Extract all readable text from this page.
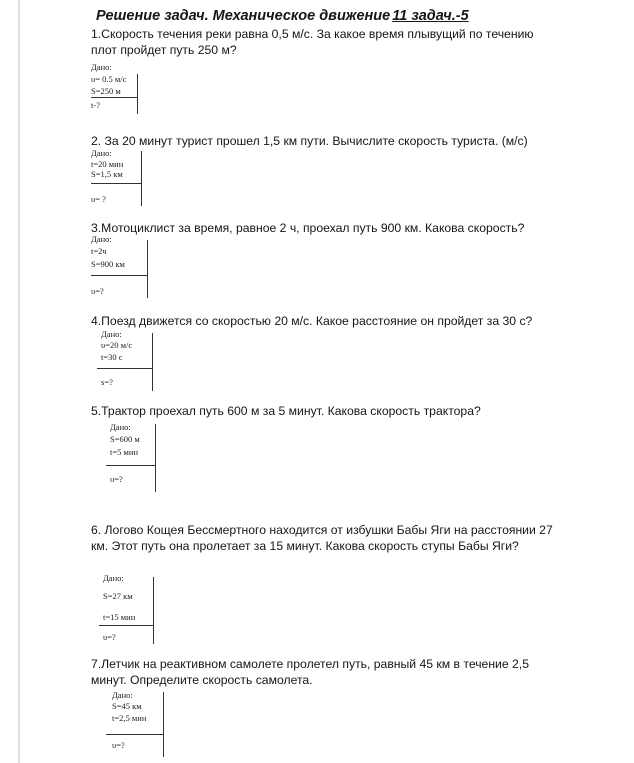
Решение задач. Механическое движение 11 задач.-5
1.Скорость течения реки равна 0,5 м/с. За какое время плывущий по течению
плот пройдет путь 250 м?
Дано:
υ= 0.5 м/с
S=250 м
t-?
2. За 20 минут турист прошел 1,5 км пути. Вычислите скорость туриста. (м/с)
Дано:
t=20 мин
S=1,5 км
υ= ?
3.Мотоциклист за время, равное 2 ч, проехал путь 900 км. Какова скорость?
Дано:
t=2ч
S=900 км
υ=?
4.Поезд движется со скоростью 20 м/с. Какое расстояние он пройдет за 30 с?
Дано:
υ=20 м/с
t=30 с
s=?
5.Трактор проехал путь 600 м за 5 минут. Какова скорость трактора?
Дано:
S=600 м
t=5 мин
υ=?
6. Логово Кощея Бессмертного находится от избушки Бабы Яги на расстоянии 27
км. Этот путь она пролетает за 15 минут. Какова скорость ступы Бабы Яги?
Дано:
S=27 км
t=15 мин
υ=?
7.Летчик на реактивном самолете пролетел путь, равный 45 км в течение 2,5
минут. Определите скорость самолета.
Дано:
S=45 км
t=2,5 мин
υ=?
